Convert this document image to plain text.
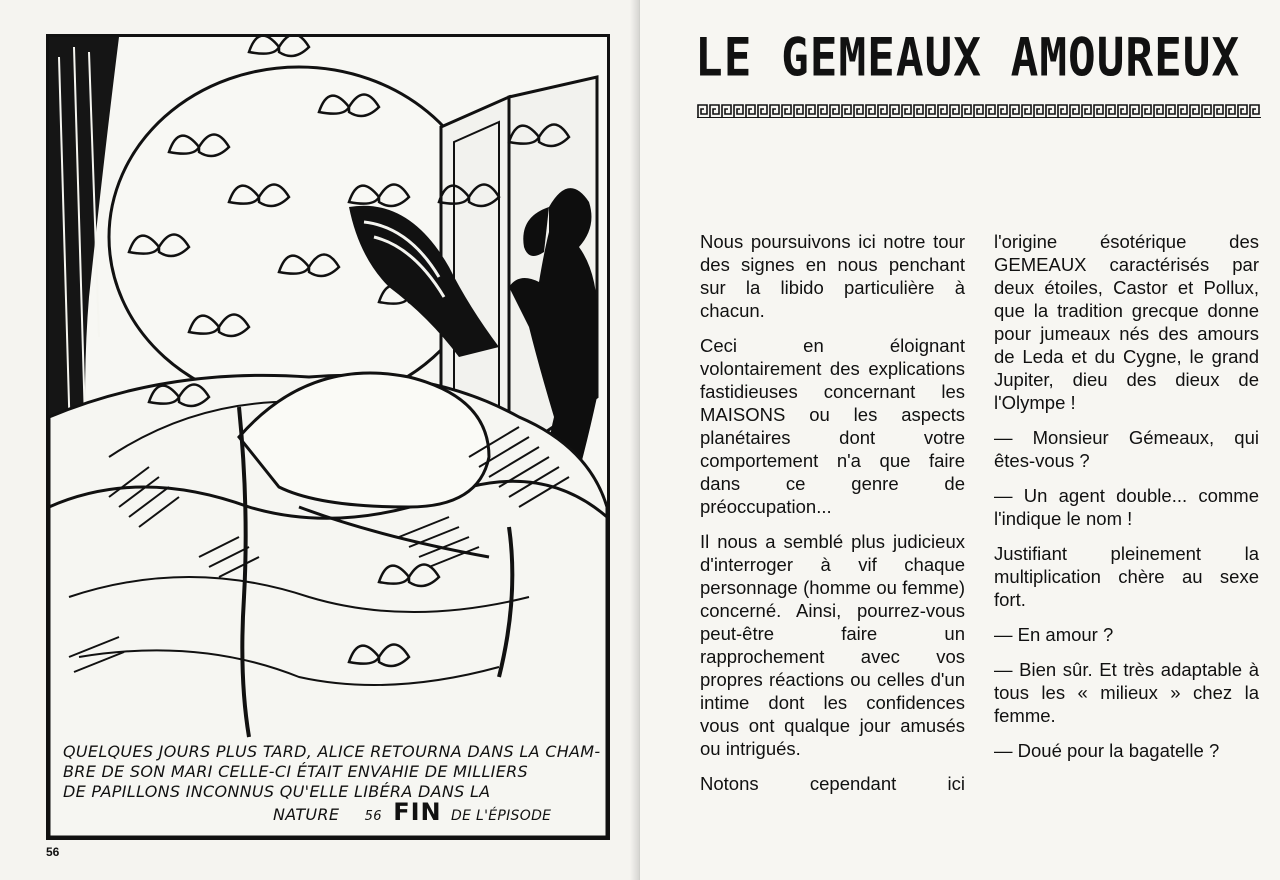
QUELQUES JOURS PLUS TARD, ALICE RETOURNA DANS LA CHAM-
BRE DE SON MARI CELLE-CI ÉTAIT ENVAHIE DE MILLIERS
DE PAPILLONS INCONNUS QU'ELLE LIBÉRA DANS LA
NATURE 56 FIN DE L'ÉPISODE
56
LE GEMEAUX AMOUREUX

Nous poursuivons ici notre tour des signes en nous penchant sur la libido particulière à chacun.

Ceci en éloignant volontairement des explications fastidieuses concernant les MAISONS ou les aspects planétaires dont votre comportement n'a que faire dans ce genre de préoccupation...

Il nous a semblé plus judicieux d'interroger à vif chaque personnage (homme ou femme) concerné. Ainsi, pourrez-vous peut-être faire un rapprochement avec vos propres réactions ou celles d'un intime dont les confidences vous ont qualque jour amusés ou intrigués.

Notons cependant ici

l'origine ésotérique des GEMEAUX caractérisés par deux étoiles, Castor et Pollux, que la tradition grecque donne pour jumeaux nés des amours de Leda et du Cygne, le grand Jupiter, dieu des dieux de l'Olympe !

— Monsieur Gémeaux, qui êtes-vous ?

— Un agent double... comme l'indique le nom !

Justifiant pleinement la multiplication chère au sexe fort.

— En amour ?

— Bien sûr. Et très adaptable à tous les « milieux » chez la femme.

— Doué pour la bagatelle ?
